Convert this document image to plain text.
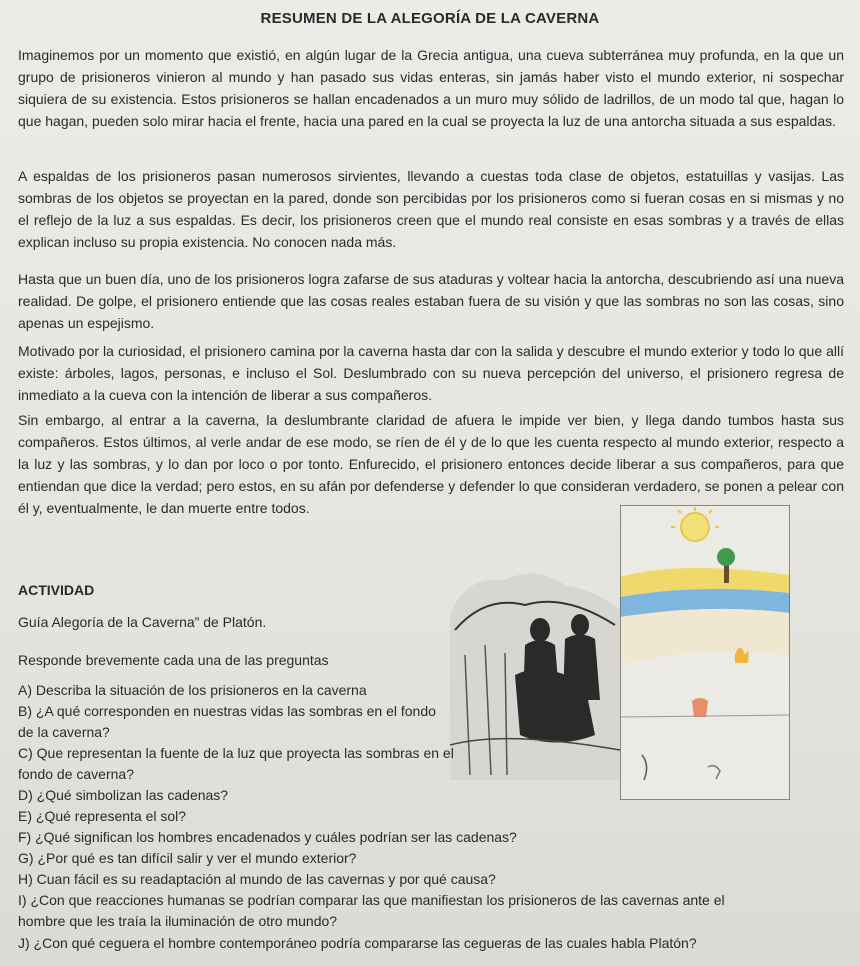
RESUMEN DE LA ALEGORÍA DE LA CAVERNA

Imaginemos por un momento que existió, en algún lugar de la Grecia antigua, una cueva subterránea muy profunda, en la que un grupo de prisioneros vinieron al mundo y han pasado sus vidas enteras, sin jamás haber visto el mundo exterior, ni sospechar siquiera de su existencia. Estos prisioneros se hallan encadenados a un muro muy sólido de ladrillos, de un modo tal que, hagan lo que hagan, pueden solo mirar hacia el frente, hacia una pared en la cual se proyecta la luz de una antorcha situada a sus espaldas.

A espaldas de los prisioneros pasan numerosos sirvientes, llevando a cuestas toda clase de objetos, estatuillas y vasijas. Las sombras de los objetos se proyectan en la pared, donde son percibidas por los prisioneros como si fueran cosas en si mismas y no el reflejo de la luz a sus espaldas. Es decir, los prisioneros creen que el mundo real consiste en esas sombras y a través de ellas explican incluso su propia existencia. No conocen nada más.

Hasta que un buen día, uno de los prisioneros logra zafarse de sus ataduras y voltear hacia la antorcha, descubriendo así una nueva realidad. De golpe, el prisionero entiende que las cosas reales estaban fuera de su visión y que las sombras no son las cosas, sino apenas un espejismo.

Motivado por la curiosidad, el prisionero camina por la caverna hasta dar con la salida y descubre el mundo exterior y todo lo que allí existe: árboles, lagos, personas, e incluso el Sol. Deslumbrado con su nueva percepción del universo, el prisionero regresa de inmediato a la cueva con la intención de liberar a sus compañeros.

Sin embargo, al entrar a la caverna, la deslumbrante claridad de afuera le impide ver bien, y llega dando tumbos hasta sus compañeros. Estos últimos, al verle andar de ese modo, se ríen de él y de lo que les cuenta respecto al mundo exterior, respecto a la luz y las sombras, y lo dan por loco o por tonto. Enfurecido, el prisionero entonces decide liberar a sus compañeros, para que entiendan que dice la verdad; pero estos, en su afán por defenderse y defender lo que consideran verdadero, se ponen a pelear con él y, eventualmente, le dan muerte entre todos.

ACTIVIDAD
Guía Alegoría de la Caverna” de Platón.
Responde brevemente cada una de las preguntas

A) Describa la situación de los prisioneros en la caverna

B) ¿A qué corresponden en nuestras vidas las sombras en el fondo de la caverna?

C) Que representan la fuente de la luz que proyecta las sombras en el fondo de caverna?

D) ¿Qué simbolizan las cadenas?

E) ¿Qué representa el sol?

F) ¿Qué significan los hombres encadenados y cuáles podrían ser las cadenas?

G) ¿Por qué es tan difícil salir y ver el mundo exterior?

H) Cuan fácil es su readaptación al mundo de las cavernas y por qué causa?

I) ¿Con que reacciones humanas se podrían comparar las que manifiestan los prisioneros de las cavernas ante el hombre que les traía la iluminación de otro mundo?

J) ¿Con qué ceguera el hombre contemporáneo podría compararse las cegueras de las cuales habla Platón?
